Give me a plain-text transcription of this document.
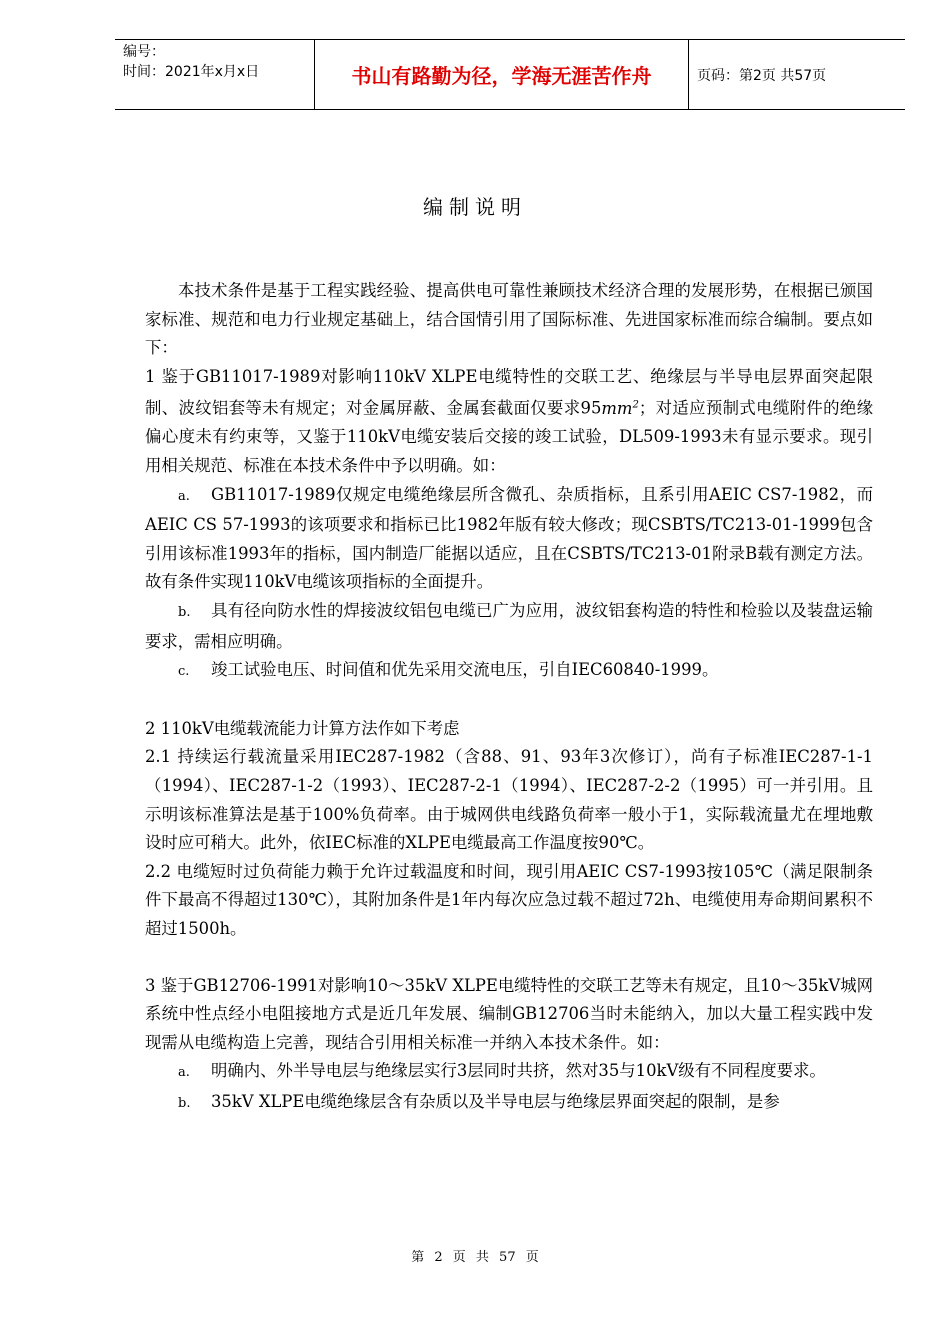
编号：
时间：2021年x月x日	书山有路勤为径，学海无涯苦作舟	页码：第2页 共57页
编制说明

本技术条件是基于工程实践经验、提高供电可靠性兼顾技术经济合理的发展形势，在根据已颁国家标准、规范和电力行业规定基础上，结合国情引用了国际标准、先进国家标准而综合编制。要点如下：

1 鉴于GB11017-1989对影响110kV XLPE电缆特性的交联工艺、绝缘层与半导电层界面突起限制、波纹铝套等未有规定；对金属屏蔽、金属套截面仅要求$95mm^2$；对适应预制式电缆附件的绝缘偏心度未有约束等，又鉴于110kV电缆安装后交接的竣工试验，DL509-1993未有显示要求。现引用相关规范、标准在本技术条件中予以明确。如：

a. GB11017-1989仅规定电缆绝缘层所含微孔、杂质指标，且系引用AEIC CS7-1982，而AEIC CS 57-1993的该项要求和指标已比1982年版有较大修改；现CSBTS/TC213-01-1999包含引用该标准1993年的指标，国内制造厂能据以适应，且在CSBTS/TC213-01附录B载有测定方法。故有条件实现110kV电缆该项指标的全面提升。

b. 具有径向防水性的焊接波纹铝包电缆已广为应用，波纹铝套构造的特性和检验以及装盘运输要求，需相应明确。

c. 竣工试验电压、时间值和优先采用交流电压，引自IEC60840-1999。

2 110kV电缆载流能力计算方法作如下考虑

2.1 持续运行载流量采用IEC287-1982（含88、91、93年3次修订），尚有子标准IEC287-1-1（1994）、IEC287-1-2（1993）、IEC287-2-1（1994）、IEC287-2-2（1995）可一并引用。且示明该标准算法是基于100%负荷率。由于城网供电线路负荷率一般小于1，实际载流量尤在埋地敷设时应可稍大。此外，依IEC标准的XLPE电缆最高工作温度按90℃。

2.2 电缆短时过负荷能力赖于允许过载温度和时间，现引用AEIC CS7-1993按105℃（满足限制条件下最高不得超过130℃），其附加条件是1年内每次应急过载不超过72h、电缆使用寿命期间累积不超过1500h。

3 鉴于GB12706-1991对影响10～35kV XLPE电缆特性的交联工艺等未有规定，且10～35kV城网系统中性点经小电阻接地方式是近几年发展、编制GB12706当时未能纳入，加以大量工程实践中发现需从电缆构造上完善，现结合引用相关标准一并纳入本技术条件。如：

a. 明确内、外半导电层与绝缘层实行3层同时共挤，然对35与10kV级有不同程度要求。

b. 35kV XLPE电缆绝缘层含有杂质以及半导电层与绝缘层界面突起的限制，是参

第 2 页 共 57 页
